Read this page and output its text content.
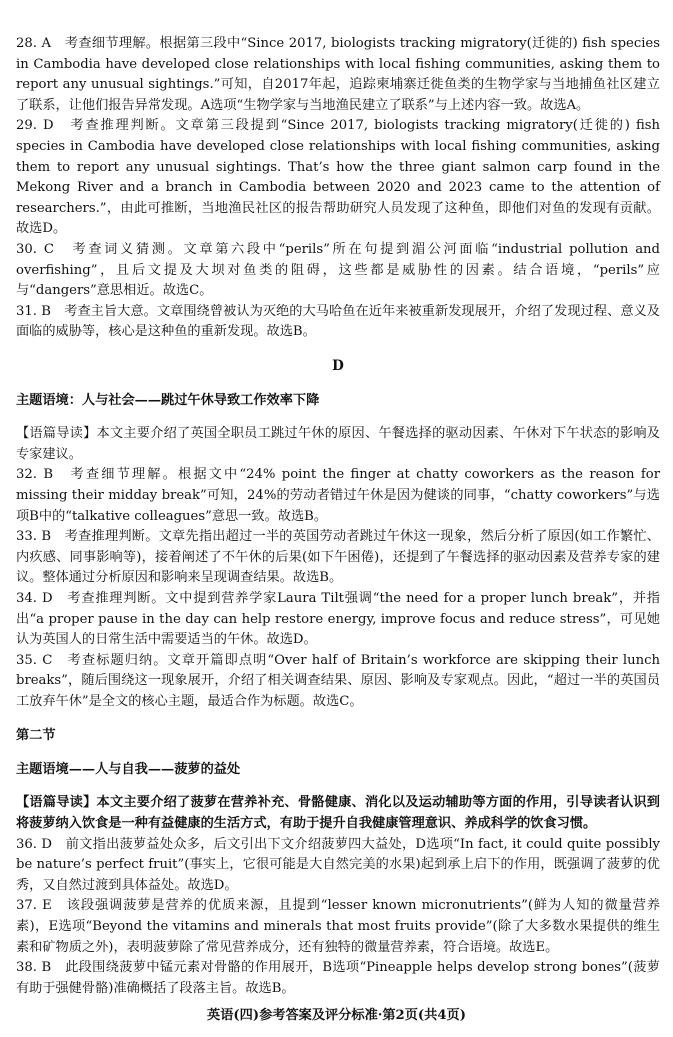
28. A　考查细节理解。根据第三段中“Since 2017, biologists tracking migratory(迁徙的) fish species in Cambodia have developed close relationships with local fishing communities, asking them to report any unusual sightings.”可知，自2017年起，追踪柬埔寨迁徙鱼类的生物学家与当地捕鱼社区建立了联系，让他们报告异常发现。A选项“生物学家与当地渔民建立了联系”与上述内容一致。故选A。

29. D　考查推理判断。文章第三段提到“Since 2017, biologists tracking migratory(迁徙的) fish species in Cambodia have developed close relationships with local fishing communities, asking them to report any unusual sightings. That’s how the three giant salmon carp found in the Mekong River and a branch in Cambodia between 2020 and 2023 came to the attention of researchers.”，由此可推断，当地渔民社区的报告帮助研究人员发现了这种鱼，即他们对鱼的发现有贡献。故选D。

30. C　考查词义猜测。文章第六段中“perils”所在句提到湄公河面临“industrial pollution and overfishing”，且后文提及大坝对鱼类的阻碍，这些都是威胁性的因素。结合语境，“perils”应与“dangers”意思相近。故选C。

31. B　考查主旨大意。文章围绕曾被认为灭绝的大马哈鱼在近年来被重新发现展开，介绍了发现过程、意义及面临的威胁等，核心是这种鱼的重新发现。故选B。

D

主题语境：人与社会——跳过午休导致工作效率下降

【语篇导读】本文主要介绍了英国全职员工跳过午休的原因、午餐选择的驱动因素、午休对下午状态的影响及专家建议。

32. B　考查细节理解。根据文中“24% point the finger at chatty coworkers as the reason for missing their midday break”可知，24%的劳动者错过午休是因为健谈的同事，“chatty coworkers”与选项B中的“talkative colleagues”意思一致。故选B。

33. B　考查推理判断。文章先指出超过一半的英国劳动者跳过午休这一现象，然后分析了原因(如工作繁忙、内疚感、同事影响等)，接着阐述了不午休的后果(如下午困倦)，还提到了午餐选择的驱动因素及营养专家的建议。整体通过分析原因和影响来呈现调查结果。故选B。

34. D　考查推理判断。文中提到营养学家Laura Tilt强调“the need for a proper lunch break”，并指出“a proper pause in the day can help restore energy, improve focus and reduce stress”，可见她认为英国人的日常生活中需要适当的午休。故选D。

35. C　考查标题归纳。文章开篇即点明“Over half of Britain’s workforce are skipping their lunch breaks”，随后围绕这一现象展开，介绍了相关调查结果、原因、影响及专家观点。因此，“超过一半的英国员工放弃午休”是全文的核心主题，最适合作为标题。故选C。

第二节

主题语境——人与自我——菠萝的益处

【语篇导读】本文主要介绍了菠萝在营养补充、骨骼健康、消化以及运动辅助等方面的作用，引导读者认识到将菠萝纳入饮食是一种有益健康的生活方式，有助于提升自我健康管理意识、养成科学的饮食习惯。

36. D　前文指出菠萝益处众多，后文引出下文介绍菠萝四大益处，D选项“In fact, it could quite possibly be nature’s perfect fruit”(事实上，它很可能是大自然完美的水果)起到承上启下的作用，既强调了菠萝的优秀，又自然过渡到具体益处。故选D。

37. E　该段强调菠萝是营养的优质来源，且提到“lesser known micronutrients”(鲜为人知的微量营养素)，E选项“Beyond the vitamins and minerals that most fruits provide”(除了大多数水果提供的维生素和矿物质之外)，表明菠萝除了常见营养成分，还有独特的微量营养素，符合语境。故选E。

38. B　此段围绕菠萝中锰元素对骨骼的作用展开，B选项“Pineapple helps develop strong bones”(菠萝有助于强健骨骼)准确概括了段落主旨。故选B。

英语(四)参考答案及评分标准·第2页(共4页)
